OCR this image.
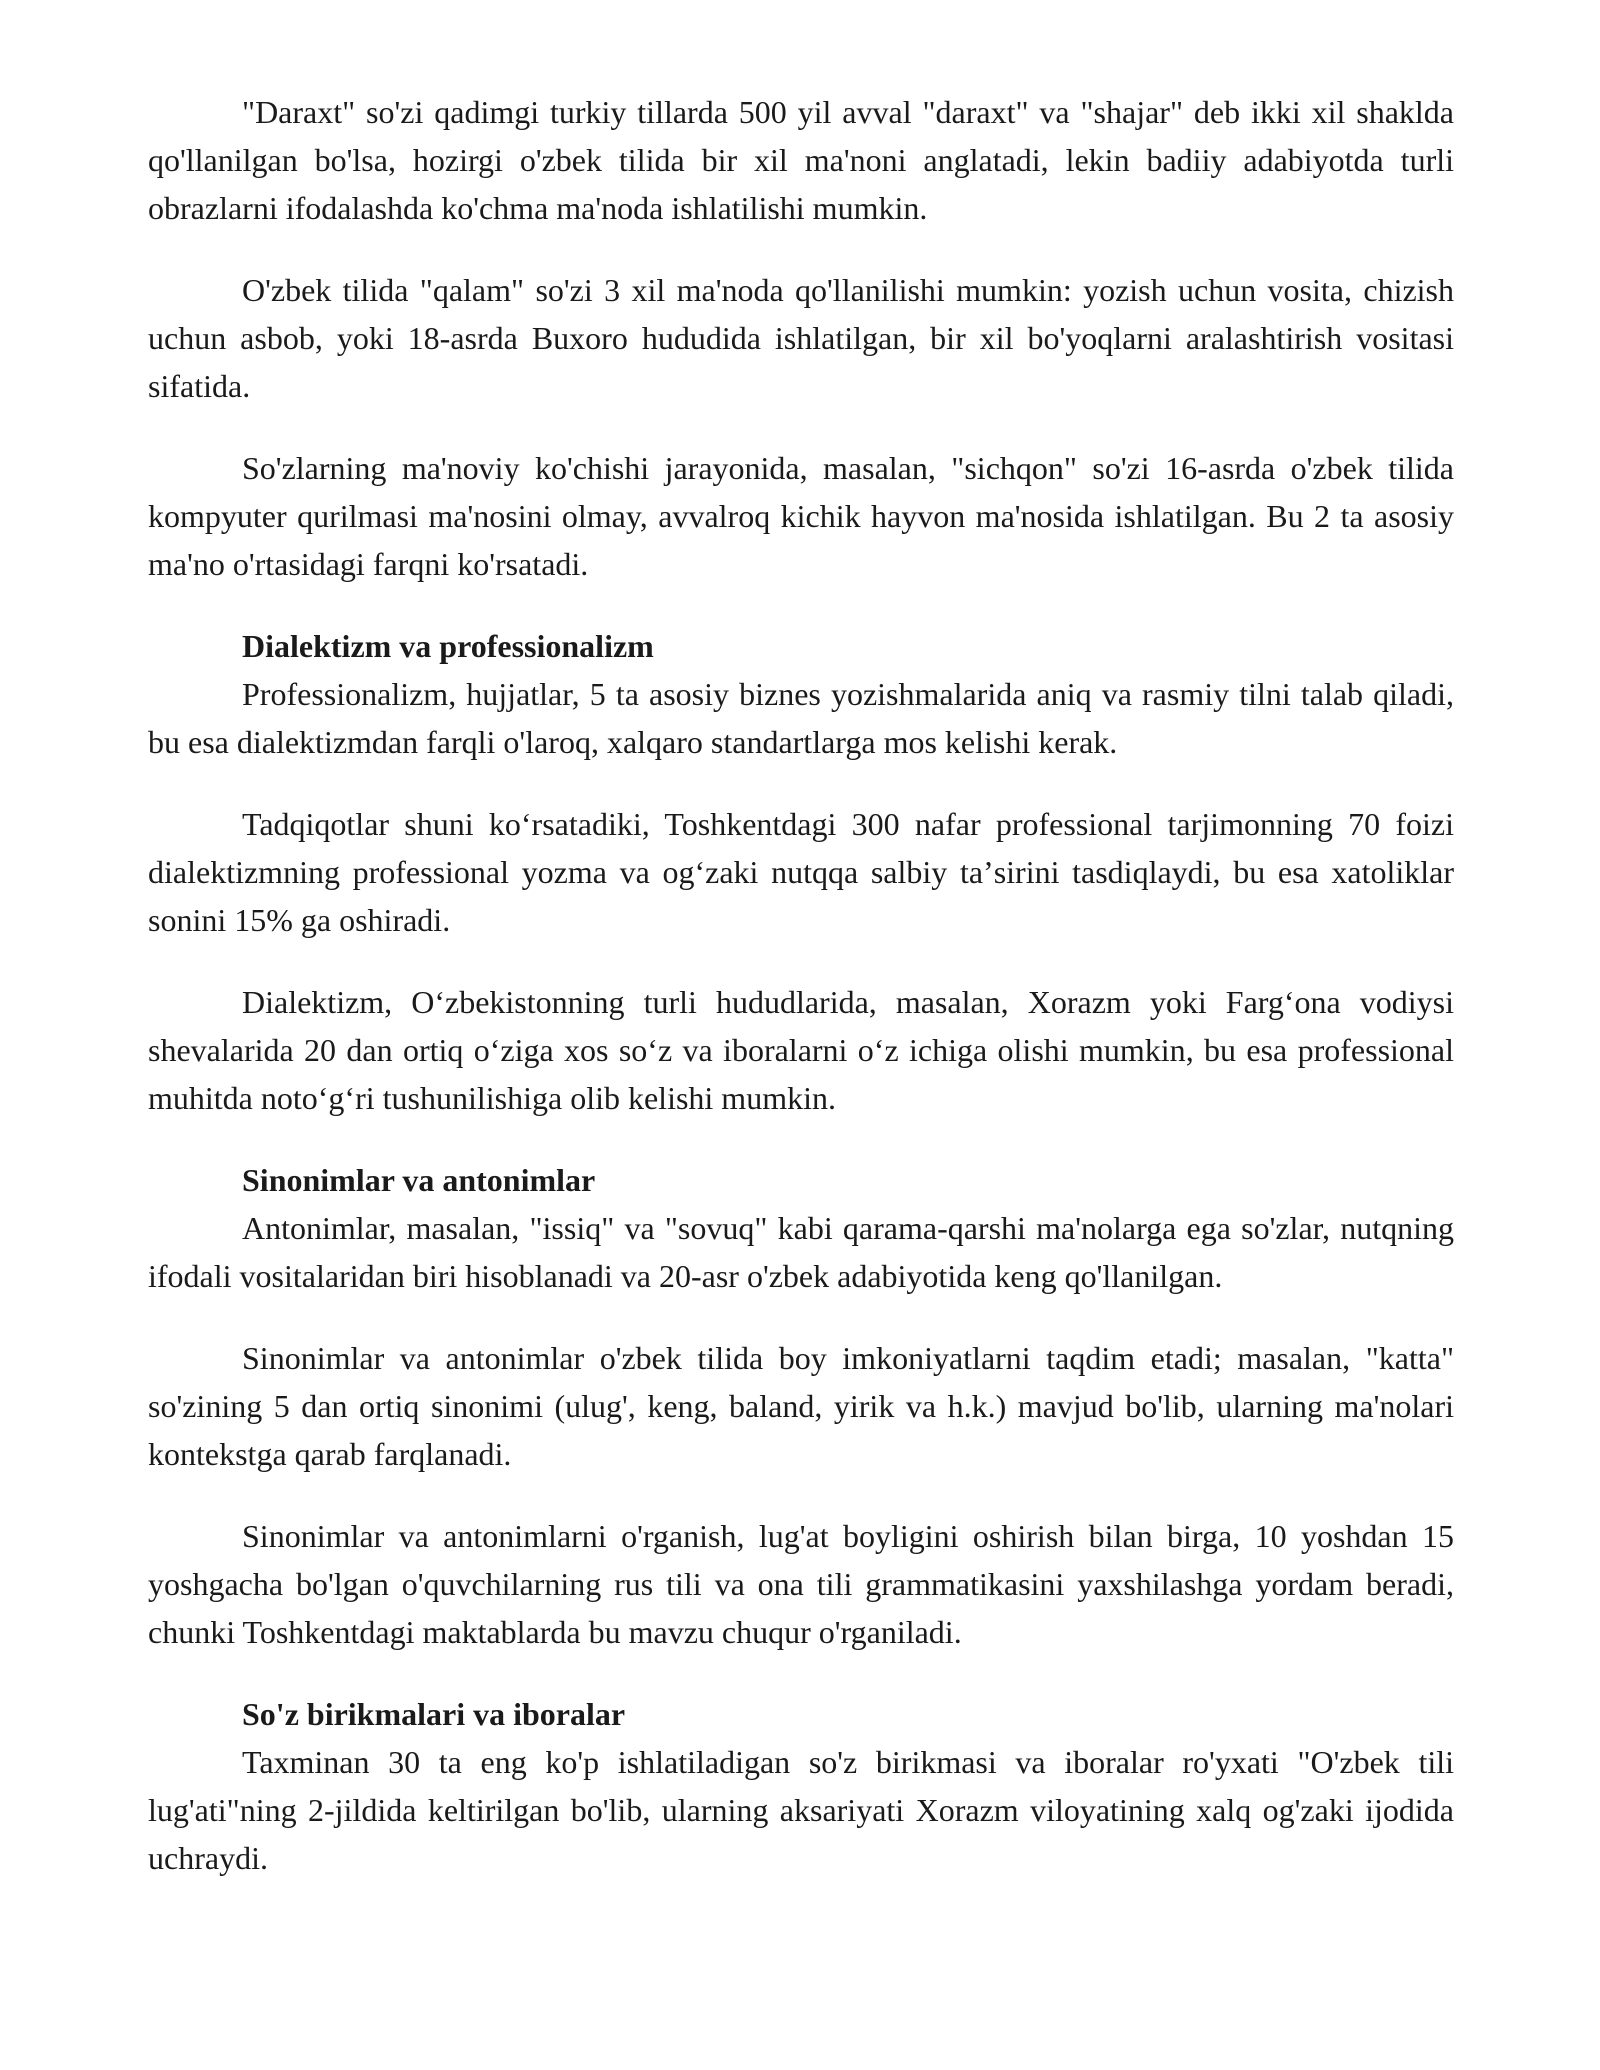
"Daraxt" so'zi qadimgi turkiy tillarda 500 yil avval "daraxt" va "shajar" deb ikki xil shakldа qo'llanilgan bo'lsa, hozirgi o'zbek tilida bir xil ma'noni anglatadi, lekin badiiy adabiyotda turli obrazlarni ifodalashda ko'chma ma'noda ishlatilishi mumkin.

O'zbek tilida "qalam" so'zi 3 xil ma'noda qo'llanilishi mumkin: yozish uchun vosita, chizish uchun asbob, yoki 18-asrda Buxoro hududida ishlatilgan, bir xil bo'yoqlarni aralashtirish vositasi sifatida.

So'zlarning ma'noviy ko'chishi jarayonida, masalan, "sichqon" so'zi 16-asrda o'zbek tilida kompyuter qurilmasi ma'nosini olmay, avvalroq kichik hayvon ma'nosida ishlatilgan. Bu 2 ta asosiy ma'no o'rtasidagi farqni ko'rsatadi.

Dialektizm va professionalizm

Professionalizm, hujjatlar, 5 ta asosiy biznes yozishmalarida aniq va rasmiy tilni talab qiladi, bu esa dialektizmdan farqli o'laroq, xalqaro standartlarga mos kelishi kerak.

Tadqiqotlar shuni koʻrsatadiki, Toshkentdagi 300 nafar professional tarjimonning 70 foizi dialektizmning professional yozma va ogʻzaki nutqqa salbiy taʼsirini tasdiqlaydi, bu esa xatoliklar sonini 15% ga oshiradi.

Dialektizm, Oʻzbekistonning turli hududlarida, masalan, Xorazm yoki Fargʻona vodiysi shevalarida 20 dan ortiq oʻziga xos soʻz va iboralarni oʻz ichiga olishi mumkin, bu esa professional muhitda notoʻgʻri tushunilishiga olib kelishi mumkin.

Sinonimlar va antonimlar

Antonimlar, masalan, "issiq" va "sovuq" kabi qarama-qarshi ma'nolarga ega so'zlar, nutqning ifodali vositalaridan biri hisoblanadi va 20-asr o'zbek adabiyotida keng qo'llanilgan.

Sinonimlar va antonimlar o'zbek tilida boy imkoniyatlarni taqdim etadi; masalan, "katta" so'zining 5 dan ortiq sinonimi (ulug', keng, baland, yirik va h.k.) mavjud bo'lib, ularning ma'nolari kontekstga qarab farqlanadi.

Sinonimlar va antonimlarni o'rganish, lug'at boyligini oshirish bilan birga, 10 yoshdan 15 yoshgacha bo'lgan o'quvchilarning rus tili va ona tili grammatikasini yaxshilashga yordam beradi, chunki Toshkentdagi maktablarda bu mavzu chuqur o'rganiladi.

So'z birikmalari va iboralar

Taxminan 30 ta eng ko'p ishlatiladigan so'z birikmasi va iboralar ro'yxati "O'zbek tili lug'ati"ning 2-jildida keltirilgan bo'lib, ularning aksariyati Xorazm viloyatining xalq og'zaki ijodida uchraydi.
